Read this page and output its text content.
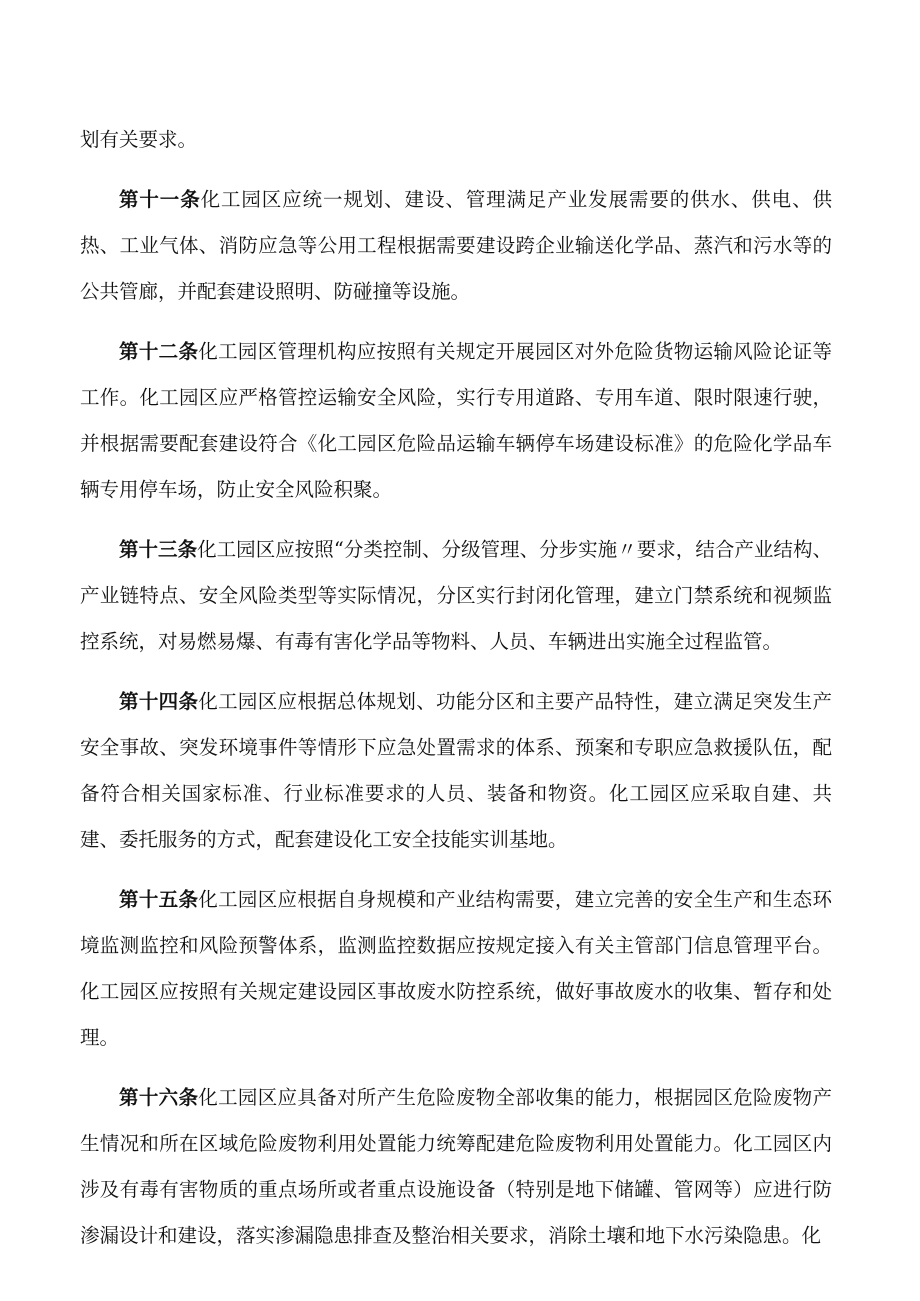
划有关要求。

第十一条化工园区应统一规划、建设、管理满足产业发展需要的供水、供电、供热、工业气体、消防应急等公用工程根据需要建设跨企业输送化学品、蒸汽和污水等的公共管廊，并配套建设照明、防碰撞等设施。

第十二条化工园区管理机构应按照有关规定开展园区对外危险货物运输风险论证等工作。化工园区应严格管控运输安全风险，实行专用道路、专用车道、限时限速行驶，并根据需要配套建设符合《化工园区危险品运输车辆停车场建设标准》的危险化学品车辆专用停车场，防止安全风险积聚。

第十三条化工园区应按照“分类控制、分级管理、分步实施〃要求，结合产业结构、产业链特点、安全风险类型等实际情况，分区实行封闭化管理，建立门禁系统和视频监控系统，对易燃易爆、有毒有害化学品等物料、人员、车辆进出实施全过程监管。

第十四条化工园区应根据总体规划、功能分区和主要产品特性，建立满足突发生产安全事故、突发环境事件等情形下应急处置需求的体系、预案和专职应急救援队伍，配备符合相关国家标准、行业标准要求的人员、装备和物资。化工园区应采取自建、共建、委托服务的方式，配套建设化工安全技能实训基地。

第十五条化工园区应根据自身规模和产业结构需要，建立完善的安全生产和生态环境监测监控和风险预警体系，监测监控数据应按规定接入有关主管部门信息管理平台。化工园区应按照有关规定建设园区事故废水防控系统，做好事故废水的收集、暂存和处理。

第十六条化工园区应具备对所产生危险废物全部收集的能力，根据园区危险废物产生情况和所在区域危险废物利用处置能力统筹配建危险废物利用处置能力。化工园区内涉及有毒有害物质的重点场所或者重点设施设备（特别是地下储罐、管网等）应进行防渗漏设计和建设，落实渗漏隐患排查及整治相关要求，消除土壤和地下水污染隐患。化
